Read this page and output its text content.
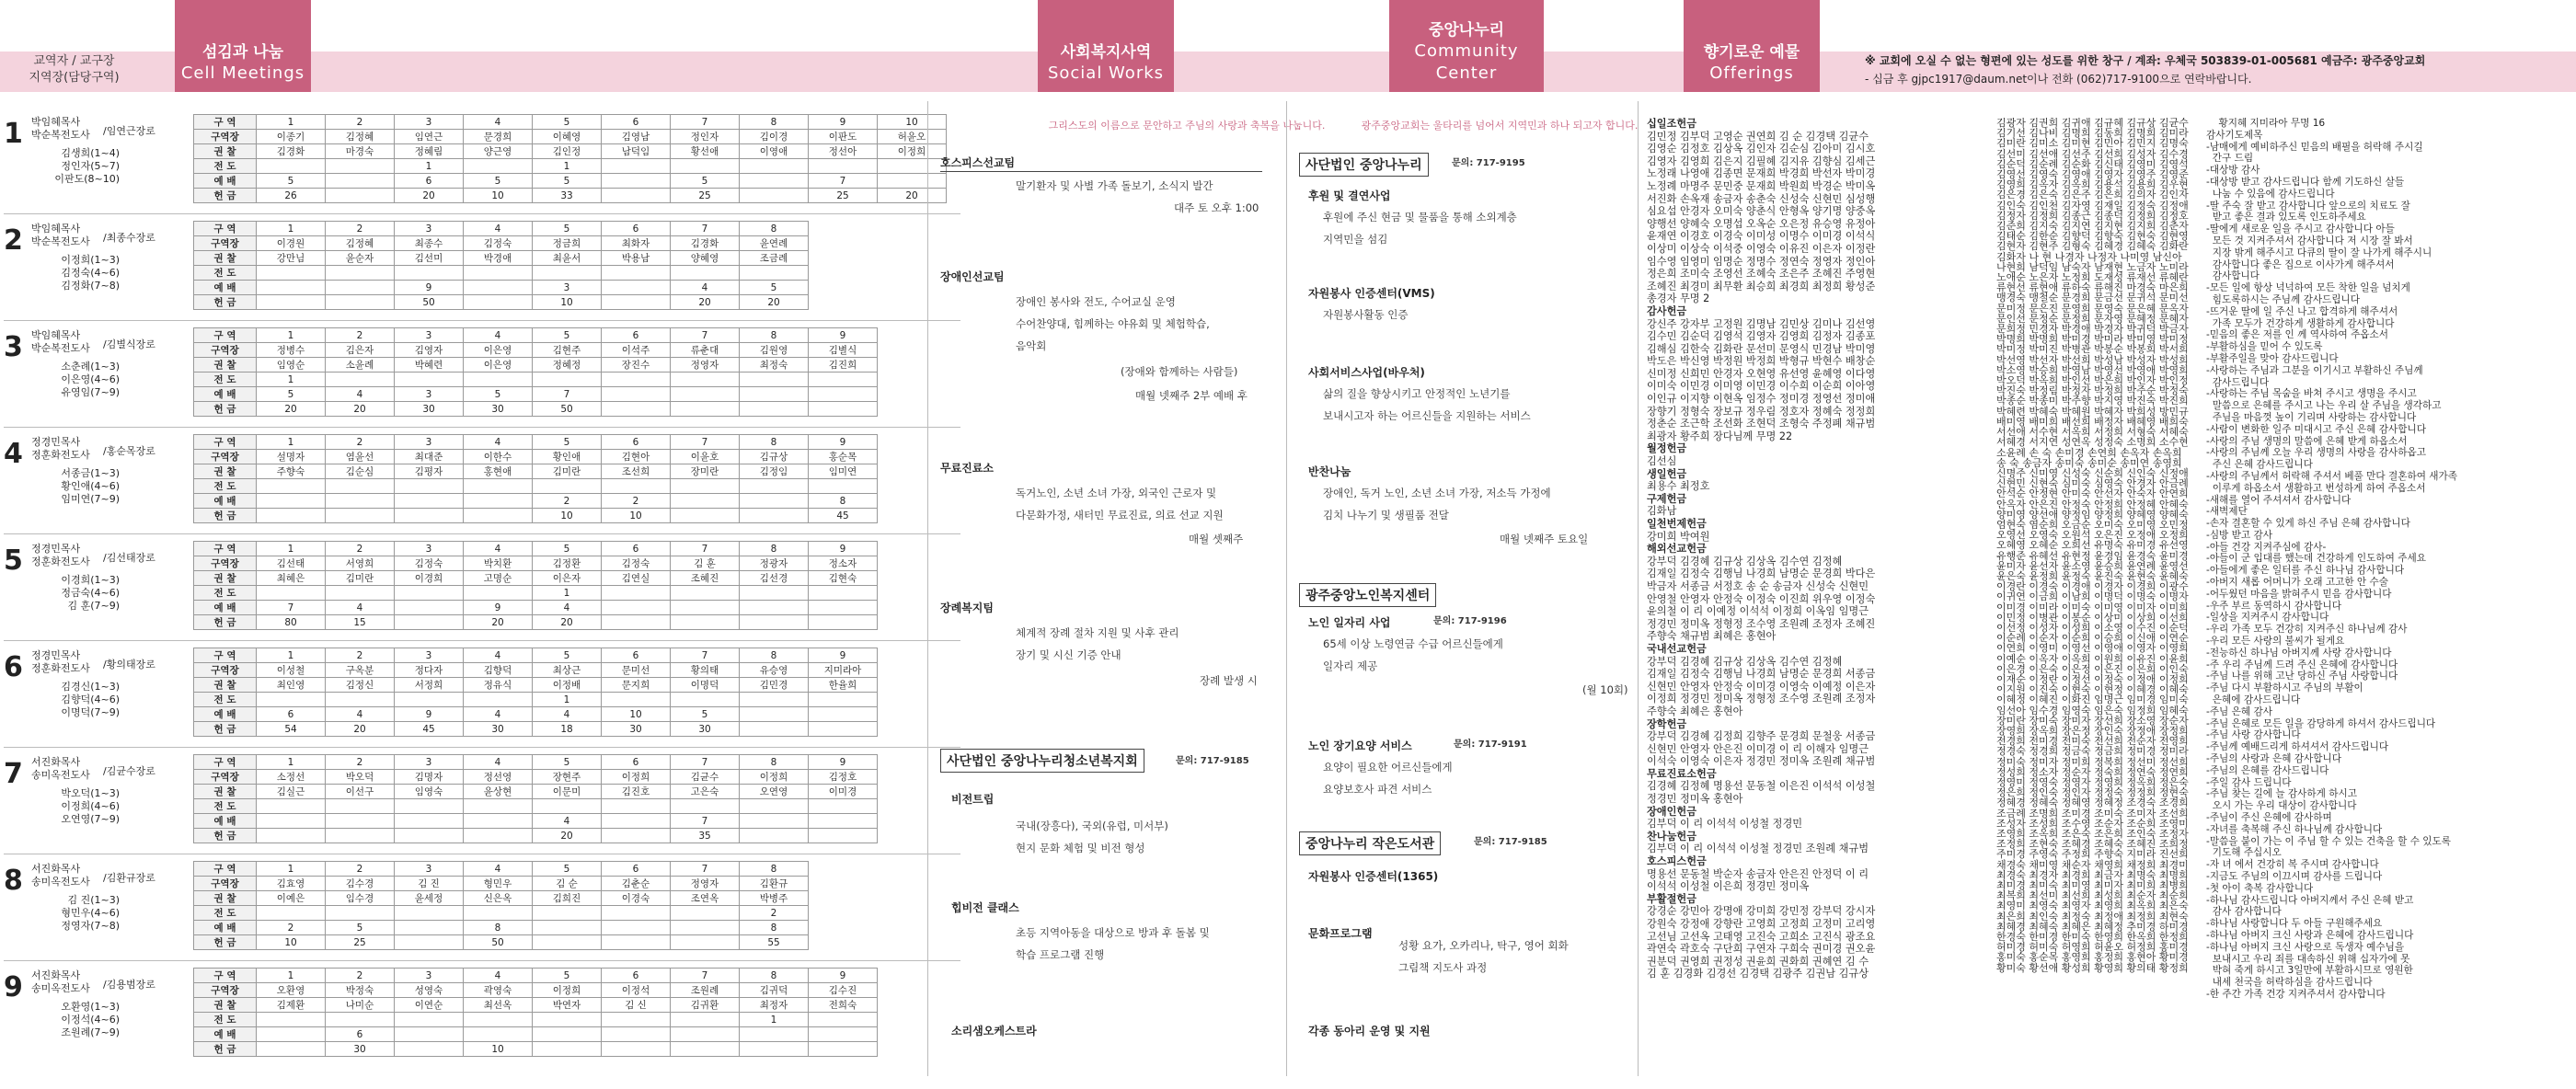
교역자 / 교구장
지역장(담당구역)
섬김과 나눔
Cell Meetings
사회복지사역
Social Works
중앙나누리
Community Center
향기로운 예물
Offerings
※ 교회에 오실 수 없는 형편에 있는 성도를 위한 창구 / 계좌: 우체국 503839-01-005681 예금주: 광주중앙교회
- 십금 후 gjpc1917@daum.net이나 전화 (062)717-9100으로 연락바랍니다.
1 박임혜목사
박순복전도사	/임연근장로
김생희(1~4)
정인자(5~7)
이판도(8~10)
구 역	1	2	3	4	5	6	7	8	9	10
구역장	이종기	김정혜	임연근	문경희	이혜영	김영남	정인자	김이경	이판도	허윤오
권 찰	김경화	마경숙	정혜림	양근영	김인정	남덕임	황선애	이영애	정선아	이정희
전 도			1		1					
예 배	5		6	5	5		5		7	
헌 금	26		20	10	33		25		25	20
2 박임혜목사
박순복전도사	/최종수장로
이정희(1~3)
김정숙(4~6)
김정화(7~8)
구 역	1	2	3	4	5	6	7	8
구역장	이경원	김정혜	최종수	김정숙	정금희	최화자	김경화	윤연례
권 찰	강만님	윤순자	김선미	박경애	최윤서	박용남	양혜영	조금례
전 도								
예 배			9		3		4	5
헌 금			50		10		20	20
3 박임혜목사
박순복전도사	/김별식장로
소춘례(1~3)
이은영(4~6)
유영임(7~9)
구 역	1	2	3	4	5	6	7	8	9
구역장	정병수	김은자	김영자	이은영	김현주	이석주	류춘대	김원영	김별식
권 찰	임영순	소윤례	박혜련	이은영	정혜정	장진수	정영자	최정숙	김진희
전 도	1								
예 배	5	4	3	5	7				
헌 금	20	20	30	30	50				
4 정경민목사
정훈화전도사	/홍순목장로
서종금(1~3)
황인애(4~6)
임미연(7~9)
구 역	1	2	3	4	5	6	7	8	9
구역장	설명자	염윤선	최대준	이한수	황인애	김현아	이윤호	김규상	홍순목
권 찰	주향숙	김순심	김평자	홍현애	김미란	조선희	장미란	김정임	임미연
전 도									
예 배					2	2			8
헌 금					10	10			45
5 정경민목사
정훈화전도사	/김선태장로
이경희(1~3)
정금숙(4~6)
김 훈(7~9)
구 역	1	2	3	4	5	6	7	8	9
구역장	김선태	서영희	김정숙	박치환	김정환	김정숙	김 훈	정광자	정소자
권 찰	최혜은	김미란	이경희	고명순	이은자	김연실	조혜진	김선경	김현숙
전 도					1				
예 배	7	4		9	4				
헌 금	80	15		20	20				
6 정경민목사
정훈화전도사	/황의태장로
김경신(1~3)
김향덕(4~6)
이명덕(7~9)
구 역	1	2	3	4	5	6	7	8	9
구역장	이성철	구옥분	정다자	김향덕	최상근	문미선	황의태	유승영	지미라아
권 찰	최인영	김정신	서정희	정유식	이정배	문지희	이명덕	김민경	한율희
전 도					1				
예 배	6	4	9	4	4	10	5		
헌 금	54	20	45	30	18	30	30		
7 서진화목사
송미옥전도사	/김균수장로
박오덕(1~3)
이정희(4~6)
오연영(7~9)
구 역	1	2	3	4	5	6	7	8	9
구역장	소정선	박오덕	김명자	정선영	장현주	이정희	김균수	이정희	김정호
권 찰	김실근	이선구	임영숙	윤상현	이문미	김진호	고은숙	오연영	이미경
전 도									
예 배					4		7		
헌 금					20		35		
8 서진화목사
송미옥전도사	/김환규장로
김 진(1~3)
형민우(4~6)
정영자(7~8)
구 역	1	2	3	4	5	6	7	8
구역장	김효영	김수경	김 진	형민우	김 순	김춘순	정영자	김환규
권 찰	이예은	임수경	윤세정	신은옥	김희진	이경숙	조연옥	박병주
전 도								2
예 배	2	5		8				8
헌 금	10	25		50				55
9 서진화목사
송미옥전도사	/김용범장로
오환영(1~3)
이정석(4~6)
조원례(7~9)
구 역	1	2	3	4	5	6	7	8	9
구역장	오환영	박정숙	성영숙	곽영숙	이정희	이정석	조원례	김귀덕	김수진
권 찰	김제환	나미순	이연순	최선옥	박연자	김 신	김귀환	최정자	전희숙
전 도								1	
예 배		6							
헌 금		30		10					
그리스도의 이름으로 문안하고 주님의 사랑과 축복을 나눕니다.
호스피스선교팀
말기환자 및 사별 가족 돌보기, 소식지 발간
대주 토 오후 1:00
장애인선교팀
장애인 봉사와 전도, 수어교실 운영
수어찬양대, 힘께하는 야유회 및 체험학습,
음악회
(장애와 함께하는 사람들)
매월 넷째주 2부 예배 후
무료진료소
독거노인, 소년 소녀 가장, 외국인 근로자 및
다문화가정, 새터민 무료진료, 의료 선교 지원
매월 셋째주
장례복지팀
체계적 장례 절차 지원 및 사후 관리
장기 및 시신 기증 안내
장례 발생 시
사단법인 중앙나누리청소년복지회	문의: 717-9185
비전트립
국내(장흥다), 국외(유럽, 미서부)
현지 문화 체험 및 비전 형성
힙비전 클래스
초등 지역아동을 대상으로 방과 후 돌봄 및
학습 프로그램 진행
소리샘오케스트라
광주중앙교회는 울타리를 넘어서 지역민과 하나 되고자 합니다.
사단법인 중앙나누리	문의: 717-9195
후원 및 결연사업
후원에 주신 현금 및 물품을 통해 소외계층
지역민을 섬김
자원봉사 인증센터(VMS)
자원봉사활동 인증
사회서비스사업(바우처)
삶의 질을 향상시키고 안정적인 노년기를
보내시고자 하는 어르신들을 지원하는 서비스
반찬나눔
장애인, 독거 노인, 소년 소녀 가장, 저소득 가정에
김치 나누기 및 생필품 전달
매월 넷째주 토요일
광주중앙노인복지센터
노인 일자리 사업	문의: 717-9196
65세 이상 노령연금 수급 어르신들에게
일자리 제공
(월 10회)
노인 장기요양 서비스	문의: 717-9191
요양이 필요한 어르신들에게
요양보호사 파견 서비스
중앙나누리 작은도서관	문의: 717-9185
자원봉사 인증센터(1365)
문화프로그램
성황 요가, 오카리나, 탁구, 영어 회화
그림책 지도사 과정
각종 동아리 운영 및 지원
십일조헌금
김민정 김부덕 고영순 권연희 김 순 김경택 김균수
김영순 김정호 김상옥 김인자 김순심 김아미 김시호
김영자 김영희 김은지 김필혜 김지유 김향심 김세근
노정래 나영애 김종면 문재희 박경희 박선자 박미경
노정례 마명주 문민중 문재희 박원희 박경순 박미옥
서진화 손옥재 송금자 송춘숙 신성숙 신현민 심성행
심요섭 안경자 오미숙 양춘식 안형옥 양기명 양중옥
양행선 양혜숙 오명섭 오옥순 오은정 유승영 유정아
윤재연 이경호 이경숙 이미성 이명수 이미경 이석식
이상미 이상숙 이석중 이영숙 이유진 이은자 이정란
임수영 임영미 임명순 정명수 정연숙 정영자 정인아
정은희 조미숙 조영선 조혜숙 조은주 조혜진 주영현
조혜진 최경미 최무환 최승희 최경희 최정희 황성준
총경자 무명 2
감사헌금
강신주 강자부 고정원 김명남 김민상 김미나 김선영
김수민 김순덕 김영석 김영자 김영희 김정자 김종포
김해심 김한숙 김화란 문선미 문영식 민경남 박미영
박도은 박신영 박정원 박정희 박형규 박현수 배창순
신미정 신희민 안경자 오현영 유선영 윤혜영 이다영
이미숙 이민경 이미영 이민경 이수희 이순희 이아영
이인규 이지향 이현옥 임정수 정미경 정영선 정미애
장향기 정형숙 장보규 정우림 정호자 정혜숙 정정희
정춘순 조근학 조선화 조현덕 조형숙 주정폐 채규범
최광자 황주희 장다님께 무명 22
월정헌금
김선심
생일헌금
최용수 최정호
구제헌금
김화남
일천번제헌금
강미희 박여원
해외선교헌금
강부덕 김경혜 김규상 김상옥 김수연 김정혜
김재일 김정숙 김행님 나경희 남명순 문경희 박다은
박금자 서종금 서정호 송 순 송금자 신성숙 신현민
안영철 안영자 안정숙 이정숙 이진희 위우영 이정숙
윤의철 이 리 이예정 이석석 이정희 이옥임 임명근
정경민 정미옥 정형정 조수영 조원례 조정자 조혜진
주향숙 채규범 최혜은 홍현아
국내선교헌금
강부덕 김경혜 김규상 김상옥 김수연 김정혜
김재일 김정숙 김행님 나경희 남명순 문경희 서종금
신현민 안영자 안정숙 이미경 이영숙 이예정 이은자
이정희 정경민 정미옥 정형정 조수영 조원례 조정자
주향숙 최혜은 홍현아
장학헌금
강부덕 김경혜 김정희 김향주 문경희 문철웅 서종금
신현민 안영자 안은진 이미경 이 리 이해자 임명근
이석숙 이영숙 이은자 정경민 정미옥 조원례 채규범
무료진료소헌금
김경혜 김정혜 명용선 문동철 이은진 이석석 이성철
정경민 정미옥 홍현아
장애인헌금
김부덕 이 리 이석석 이성철 정경민
찬나눔헌금
김부덕 이 리 이석석 이성철 정경민 조원례 채규범
호스피스헌금
명용선 문동철 박순자 송금자 안은진 안정덕 이 리
이석석 이성철 이은희 정경민 정미옥
부활절헌금
강경순 강민아 강명애 강미희 강민정 강부덕 강시자
강원숙 강정애 강향란 고영희 고정희 고정미 고리영
고선님 고선옥 고태영 고진숙 고희소 고진식 광조요
곽연숙 곽호숙 구단희 구연자 구희숙 권미경 권오윤
권분덕 권영희 권정성 권윤희 권화희 권혜연 김 수
김 훈 김경화 김경선 김경택 김광주 김권남 김규상
김광자 김권희 김귀애 김규혜 김규상 김균수
김기선 김나비 김명희 김동희 김명희 김미라
김미란 김미소 김미현 김민아 김민지 김명숙
김선미 김선애 김선주 김선희 김성자 김수경
김순덕 김순례 김순화 김신태 김영미 김영석
김영선 김영숙 김영애 김영자 김영주 김영준
김영희 김옥자 김옥희 김용석 김용희 김우현
김은경 김은숙 김은주 김은희 김의자 김인자
김인숙 김인천 김자영 김재일 김정숙 김정애
김정자 김정희 김종근 김종덕 김정희 김정호
김준희 김지숙 김지연 김지현 김지희 김춘자
김태순 김한순 김향덕 김향숙 김현숙 김현영
김현자 김현주 김형숙 김혜경 김혜숙 김화란
김화자 나 현 나경자 나정자 나미영 남신아
나현희 남덕임 남숙자 남재현 노금자 노미라
노애순 노은자 노정희 도재성 류재선 류혜란
류현선 류현애 류하숙 류해진 마경숙 마은희
맹경숙 맹철순 문경희 문금선 문귀석 문미선
문미정 문은진 문영희 문영숙 문은혜 문옥자
문인선 문정순 문정희 문자영 문혜정 문혜자
문희정 민경자 박경애 박경자 박귀덕 박금자
박명희 박명희 박미경 박미라 박미영 박미정
박미정 박미진 박병관 박봉순 박봉희 박서희
박선영 박선자 박선희 박성남 박성자 박성희
박소영 박승희 박영남 박영선 박영애 박영희
박오덕 박옥희 박인선 박은희 박인자 박인정
박진숙 박정림 박정자 박정희 박주순 박정숙
박종순 박종미 박주향 박지영 박진숙 박진희
박혜련 박혜숙 박혜원 박혜자 박희성 방민규
배미영 배미희 배선희 배정자 배혜영 배희숙
서선애 서수현 서옥희 서정희 서형숙 서혜숙
서혜경 서지연 성연옥 성정숙 소명희 소수현
소윤례 손 숙 손미경 손연희 손옥자 손옥희
송 숙 송금자 송미숙 송미순 송미연 송영희
신명주 신미영 신성숙 신순희 신인숙 신정애
신현민 신현숙 심미숙 심영숙 안경자 안금례
안석순 안정현 안미숙 안선자 안숙자 안연희
안옥자 안은진 안정숙 안정희 안정혜 안혜숙
양미영 양선애 양정임 양정희 양혜영 양혜숙
엄현숙 염순희 오금순 오미숙 오미영 오민정
오영선 오영숙 오원석 오은진 오정애 오정희
오혜영 오혜순 오희선 유명숙 유미경 유선영
유행준 유혜선 유현정 윤경임 윤경숙 윤미경
윤미자 윤선자 윤소영 윤승희 윤연례 윤영선
윤은숙 윤정희 윤정숙 윤진숙 윤현숙 윤혜숙
이경란 이경숙 이경애 이경자 이경희 이광수
이귀연 이금희 이남희 이명덕 이명숙 이명자
이미경 이미라 이미숙 이미영 이미자 이미희
이민정 이병관 이봉순 이상미 이상희 이선희
이선정 이성자 이성희 이소영 이수진 이순덕
이순례 이순자 이순희 이승희 이신애 이연순
이연희 이영미 이영선 이영애 이영자 이영희
이예순 이옥자 이옥희 이원희 이유진 이윤희
이은경 이은숙 이은정 이은진 이은희 이인숙
이재순 이정란 이정선 이정숙 이정애 이정희
이지원 이진숙 이현숙 이현정 이혜경 이혜숙
이혜정 이혜진 이화진 임명근 임미경 임미숙
임선아 임수경 임영숙 임은숙 임정희 임혜숙
장미란 장미숙 장미자 장선희 장소영 장순자
장영희 장옥희 장은정 장인숙 장정애 장정희
전경희 전미경 전미숙 전선희 전순자 전영희
정경숙 정경희 정금숙 정금희 정미경 정미라
정미숙 정미자 정미희 정복희 정선미 정선희
정성희 정소자 정순자 정숙희 정연숙 정연희
정영미 정영숙 정영자 정영희 정옥희 정은숙
정은희 정인숙 정인자 정정숙 정정희 정현숙
정혜경 정혜숙 정혜영 정혜정 조경숙 조경희
조금례 조명희 조미경 조미숙 조미자 조선희
조성자 조성희 조수영 조순자 조순희 조영미
조영희 조옥희 조은숙 조은희 조인숙 조정자
조정희 조현숙 조혜경 조혜숙 조혜진 조희정
주미경 주영숙 주정희 주향숙 지미라 진선희
채경숙 채미영 채순자 채영희 채정희 최경미
최경숙 최경자 최경희 최금자 최명숙 최명희
최미경 최미숙 최미영 최미자 최미희 최병희
최복희 최선미 최선희 최성희 최순자 최순희
최영미 최영숙 최영자 최영희 최옥희 최은숙
최은희 최인숙 최정숙 최정애 최정희 최현숙
최혜경 최혜숙 최혜은 최혜정 추미경 하미경
한경숙 한미경 한미숙 한영희 한옥희 한정희
허미경 허미숙 허영희 허윤오 허정희 홍미경
홍미숙 홍순목 홍영희 홍정희 홍현아 황미경
황미숙 황선애 황성희 황영희 황의태 황정희
황지혜 지미라아 무명 16
감사기도제목
-남매에게 예비하주신 믿음의 배필을 허락해 주시길
간구 드림
-대상방 감사
-대상방 받고 감사드립니다 함께 기도하신 살들
나눔 수 있음에 감사드립니다
-딸 주숙 잘 받고 감사합니다 앞으로의 치료도 잘
받고 좋은 결과 있도록 인도하주세요
-딸에게 새로운 일을 주시고 감사합니다 아들
모든 것 지켜주셔서 감사합니다 저 시장 잘 봐서
지장 밖게 해주시고 다큐의 딸이 잘 나가게 해주시니
감사합니다 좋은 집으로 이사가게 해주셔서
감사합니다
-모든 일에 항상 넉넉하여 모든 착한 일을 넘치게
힘도록하시는 주님께 감사드립니다
-뜨거운 딸에 일 주신 나고 합격하게 해주셔서
가족 모두가 건강하게 생활하게 감사합니다
-믿음의 좋은 저를 인 께 역사하여 주옵소서
-부활하심을 믿어 수 있도록
-부활주일을 맞아 감사드립니다
-사랑하는 주님과 그분을 이기시고 부활하신 주님께
감사드립니다
-사랑하는 주님 목숨을 바쳐 주시고 생명을 주시고
말씀으로 은혜를 주시고 나는 우리 살 주님을 생각하고
주님을 마음껏 높이 기리며 사랑하는 감사합니다
-사람이 변화한 일주 미대시고 주신 은혜 감사합니다
-사랑의 주님 생명의 말씀에 은혜 받게 하옵소서
-사랑의 주님께 오늘 우리 생명의 사랑을 감사하옵고
주신 은혜 감사드립니다
-사랑의 주님께서 허락해 주셔서 베풀 만다 결혼하여 새가족
이루게 하옵소서 생활하고 번성하게 하여 주옵소서
-새해를 열어 주셔셔서 감사합니다
-새벽제단
-손자 결혼할 수 있게 하신 주님 은혜 감사합니다
-심방 받고 감사
-아들 건강 지켜주심에 감사-
-아들이 군 입대를 했는데 건강하게 인도하여 주세요
-아들에게 좋은 일터를 주신 하나님 감사합니다
-아버지 새롭 어머니가 오래 고고한 안 수술
-어두웠던 마음을 밝혀주시 믿음 감사합니다
-우주 부르 동역하시 감사합니다
-일상을 지켜주시 감사합니다
-우리 가족 모두 건강히 지켜주신 하나님께 감사
-우리 모든 사랑의 불씨가 될게요
-전능하신 하나님 아버지께 사랑 감사합니다
-주 우리 주님께 드려 주신 은혜에 감사합니다
-주님 나를 위해 고난 당하신 주님 사랑합니다
-주님 다시 부활하시고 주님의 부활이
은혜에 감사드립니다
-주님 은혜 감사
-주님 은혜로 모든 일을 감당하게 하셔서 감사드립니다
-주님 사랑 감사합니다
-주님께 예배드리게 하셔셔서 감사드립니다
-주님의 사랑과 은혜 감사합니다
-주님의 은혜를 감사드립니다
-주일 감사 드립니다
-주님 찾는 길에 늘 감사하게 하시고
오시 가는 우리 대상이 감사합니다
-주님이 주신 은혜에 감사하며
-자녀를 축복해 주신 하나님께 감사합니다
-말씀을 붙이 가는 이 주님 할 수 있는 건축을 할 수 있도록
기도해 주십시오
-자 녀 에서 건강히 복 주시며 감사합니다
-지금도 주님의 이끄시며 감사를 드립니다
-첫 아이 축복 감사합니다
-하나님 감사드립니다 아버지께서 주신 은혜 받고
감사 감사합니다
-하나님 사랑합니다 두 아들 구원해주세요
-하나님 아버지 크신 사랑과 은혜에 감사드립니다
-하나님 아버지 크신 사랑으로 독생자 예수님을
보내시고 우리 죄를 대속하신 위해 십자가에 못
박혀 죽게 하시고 3일만에 부활하시므로 영원한
내세 천국을 허락하심을 감사드립니다
-한 주간 가족 건강 지켜주셔서 감사합니다
